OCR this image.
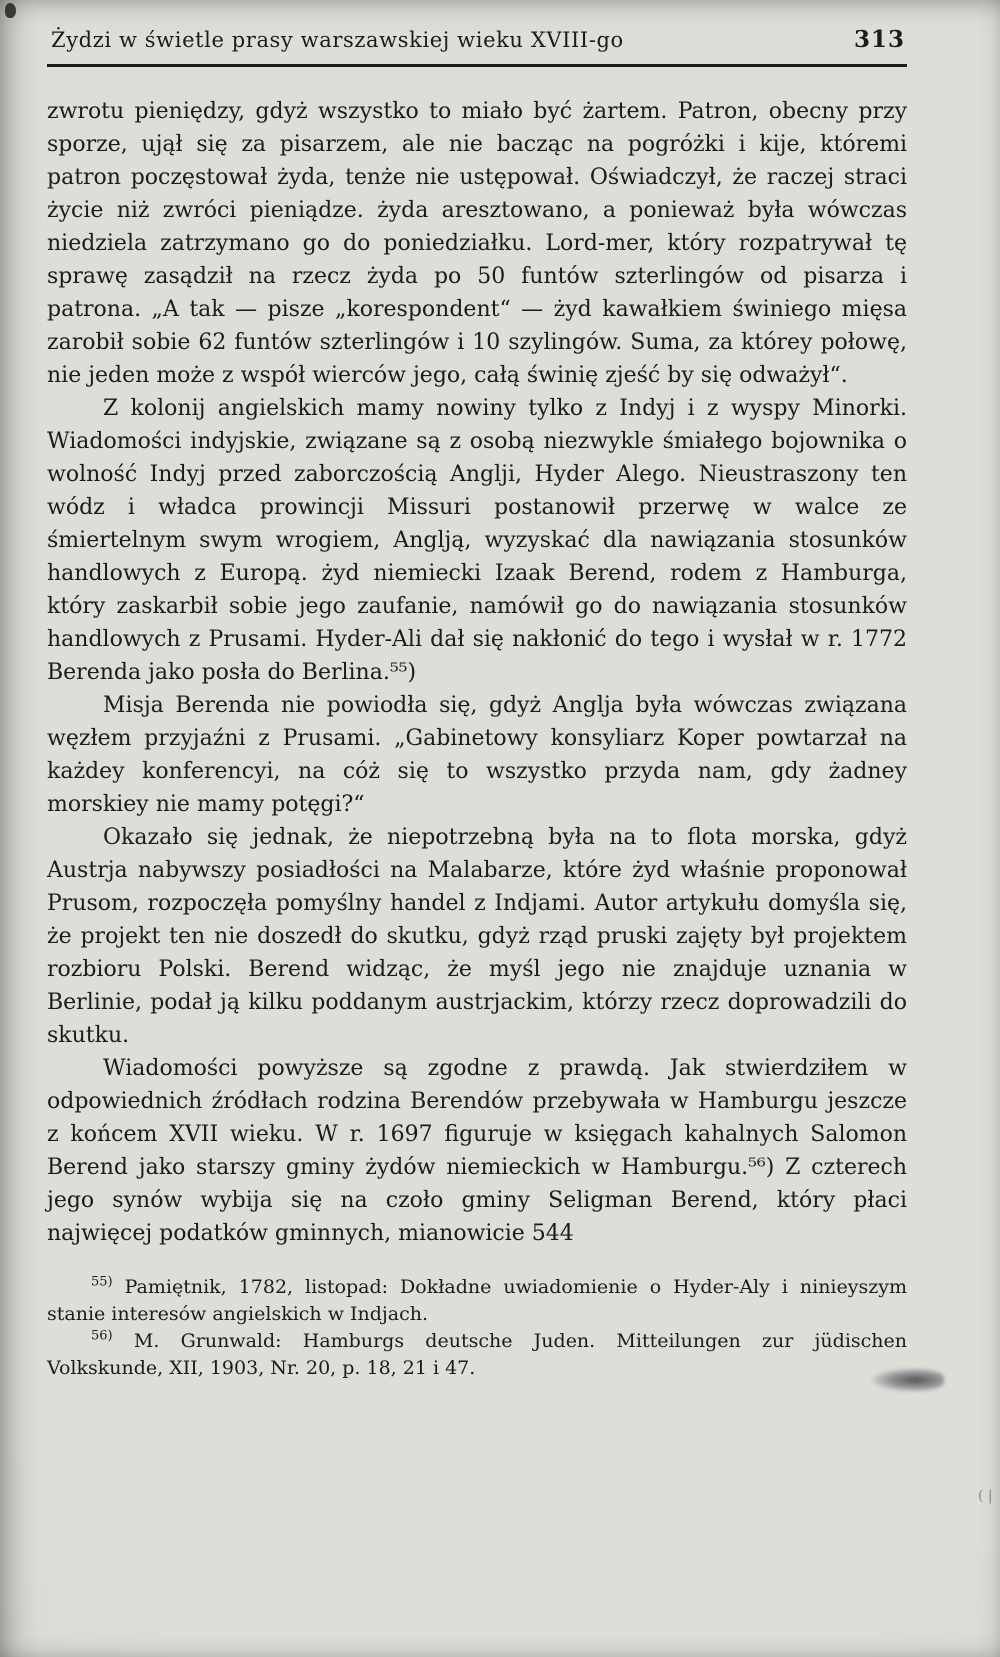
Żydzi w świetle prasy warszawskiej wieku XVIII-go	313

zwrotu pieniędzy, gdyż wszystko to miało być żartem. Patron, obecny przy sporze, ujął się za pisarzem, ale nie bacząc na pogróżki i kije, któremi patron poczęstował żyda, tenże nie ustępował. Oświadczył, że raczej straci życie niż zwróci pieniądze. żyda aresztowano, a ponieważ była wówczas niedziela zatrzymano go do poniedziałku. Lord-mer, który rozpatrywał tę sprawę zasądził na rzecz żyda po 50 funtów szterlingów od pisarza i patrona. „A tak — pisze „korespondent“ — żyd kawałkiem świniego mięsa zarobił sobie 62 funtów szterlingów i 10 szylingów. Suma, za którey połowę, nie jeden może z współ wierców jego, całą świnię zjeść by się odważył“.

Z kolonij angielskich mamy nowiny tylko z Indyj i z wyspy Minorki. Wiadomości indyjskie, związane są z osobą niezwykle śmiałego bojownika o wolność Indyj przed zaborczością Anglji, Hyder Alego. Nieustraszony ten wódz i władca prowincji Missuri postanowił przerwę w walce ze śmiertelnym swym wrogiem, Anglją, wyzyskać dla nawiązania stosunków handlowych z Europą. żyd niemiecki Izaak Berend, rodem z Hamburga, który zaskarbił sobie jego zaufanie, namówił go do nawiązania stosunków handlowych z Prusami. Hyder-Ali dał się nakłonić do tego i wysłał w r. 1772 Berenda jako posła do Berlina.⁵⁵)

Misja Berenda nie powiodła się, gdyż Anglja była wówczas związana węzłem przyjaźni z Prusami. „Gabinetowy konsyliarz Koper powtarzał na każdey konferencyi, na cóż się to wszystko przyda nam, gdy żadney morskiey nie mamy potęgi?“

Okazało się jednak, że niepotrzebną była na to flota morska, gdyż Austrja nabywszy posiadłości na Malabarze, które żyd właśnie proponował Prusom, rozpoczęła pomyślny handel z Indjami. Autor artykułu domyśla się, że projekt ten nie doszedł do skutku, gdyż rząd pruski zajęty był projektem rozbioru Polski. Berend widząc, że myśl jego nie znajduje uznania w Berlinie, podał ją kilku poddanym austrjackim, którzy rzecz doprowadzili do skutku.

Wiadomości powyższe są zgodne z prawdą. Jak stwierdziłem w odpowiednich źródłach rodzina Berendów przebywała w Hamburgu jeszcze z końcem XVII wieku. W r. 1697 figuruje w księgach kahalnych Salomon Berend jako starszy gminy żydów niemieckich w Hamburgu.⁵⁶) Z czterech jego synów wybija się na czoło gminy Seligman Berend, który płaci najwięcej podatków gminnych, mianowicie 544

$^{55)}$ Pamiętnik, 1782, listopad: Dokładne uwiadomienie o Hyder-Aly i ninieyszym stanie interesów angielskich w Indjach.

$^{56)}$ M. Grunwald: Hamburgs deutsche Juden. Mitteilungen zur jüdischen Volkskunde, XII, 1903, Nr. 20, p. 18, 21 i 47.

( |
